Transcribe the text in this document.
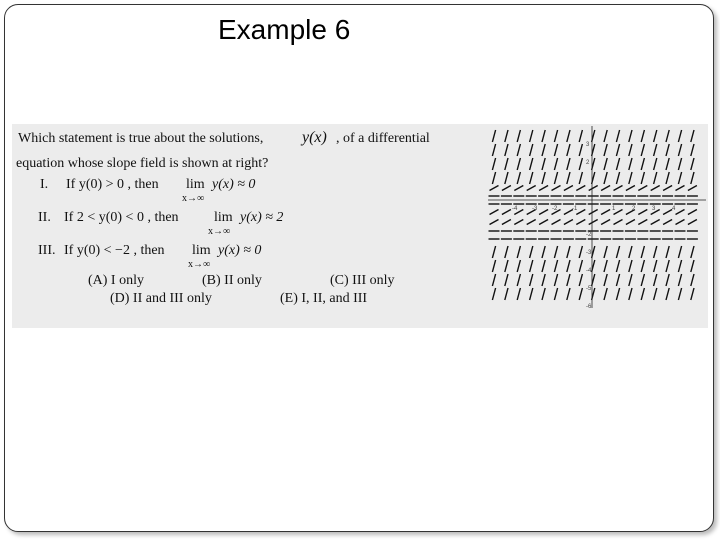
Example 6
Which statement is true about the solutions, y(x) , of a differential
equation whose slope field is shown at right?
I. If y(0) > 0 , then lim
x→∞
y(x) ≈ 0
II. If 2 < y(0) < 0 , then	lim
x→∞
y(x) ≈ 2
III. If y(0) < −2 , then lim
x→∞
y(x) ≈ 0
(A) I only	(B) II only	(C) III only
(D) II and III only	(E) I, II, and III
-4 -3 -2 -1	1	2	3	4
3
2
-2
-3
-4
-5
-6
